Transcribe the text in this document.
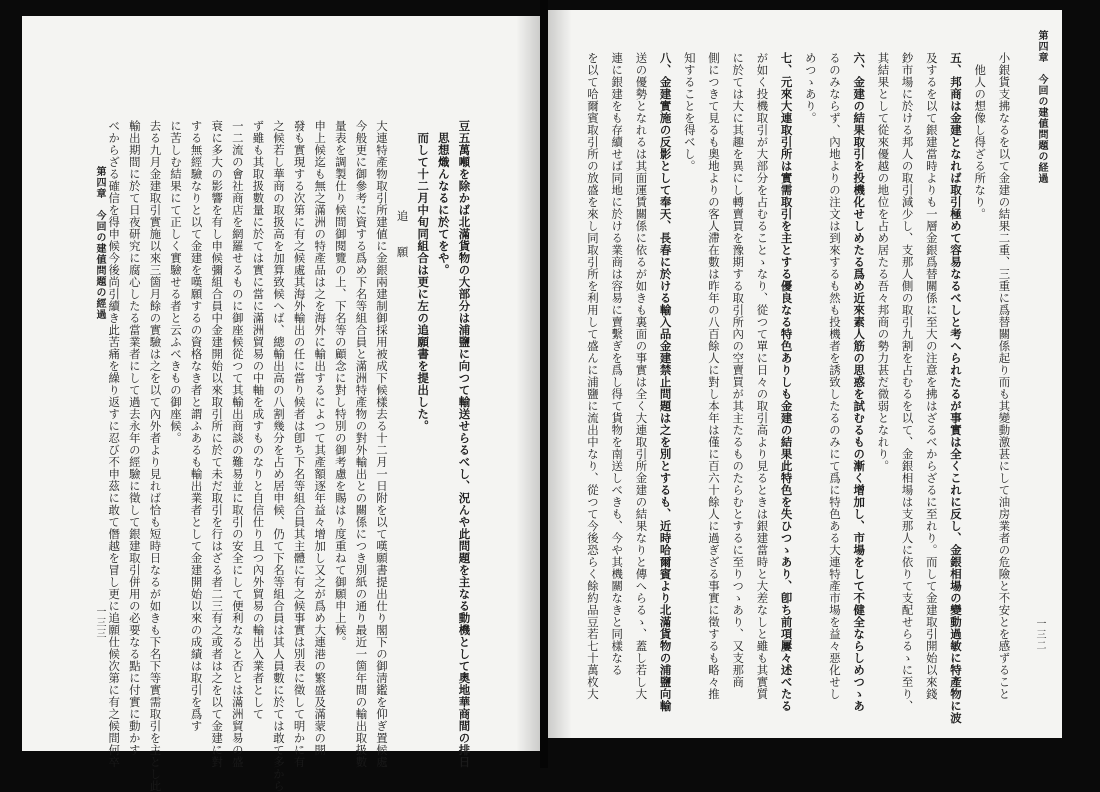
第四章　今回の建値問題の経過
一三二
小銀貨支拂なるを以て金建の結果二重、三重に爲替關係起り而も其變動激甚にして油房業者の危險と不安とを感ずること
他人の想像し得ざる所なり。
五、邦商は金建となれば取引極めて容易なるべしと考へられたるが事實は全くこれに反し、金銀相場の變動過敏に特產物に波
及するを以て銀建當時よりも一層金銀爲替關係に至大の注意を拂はざるべからざるに至れり。而して金建取引開始以來錢
鈔市場に於ける邦人の取引減少し、支那人側の取引九割を占むるを以て、金銀相場は支那人に依りて支配せらるゝに至り、
其結果として從來優越の地位を占め居たる吾々邦商の勢力甚だ微弱となれり。
六、金建の結果取引を投機化せしめたる爲め近來素人筋の思惑を試むるもの漸く增加し、市場をして不健全ならしめつゝあ
るのみならず、內地よりの注文は到來するも然も投機者を誘致したるのみにて爲に特色ある大連特產市場を益々惡化せし
めつゝあり。
七、元來大連取引所は實需取引を主とする優良なる特色ありしも金建の結果此特色を失ひつゝあり、卽ち前項屢々述べたる
が如く投機取引が大部分を占むることゝなり、從つて單に日々の取引高より見るときは銀建當時と大差なしと雖も其實質
に於ては大に其趣を異にし轉賣買を豫期する取引所內の空賣買が其主たるものたらむとするに至りつゝあり、又支那商
側につきて見るも奧地よりの客人滯在數は昨年の八百餘人に對し本年は僅に百六十餘人に過ぎざる事實に徵するも略々推
知することを得べし。
八、金建實施の反影として奉天、長春に於ける輸入品金建禁止問題は之を別とするも、近時哈爾賓より北滿貨物の浦鹽向輸
送の優勢となれるは其面運賃關係に依るが如きも裏面の事實は全く大連取引所金建の結果なりと傳へらるゝ、蓋し若し大
連に銀建をも存續せば同地に於ける業商は容易に賣繫ぎを爲し得て貨物を南送しべきも、今や其機關なきと同樣なる
を以て哈爾賓取引所の放盛を來し同取引所を利用して盛んに浦鹽に流出中なり、從つて今後恐らく餘約品豆若七十萬枚大
第四章　今回の建値問題の經過
一三三	豆五萬噸を除かば北滿貨物の大部分は浦鹽に向つて輸送せらるべし、況んや此問題を主なる動機として奧地華商間の排日
思想熾んなるに於てをや。
而して十二月中旬同組合は更に左の追願書を提出した。
追　　願
大連特產物取引所建値に金銀兩建制御採用被成下候樣去る十二月一日附を以て嘆願書提出仕り閣下の御淸鑑を仰ぎ置候處
今般更に御參考に資する爲め下名等組合員と滿洲特產物の對外輸出との關係につき別紙の通り最近一箇年間の輸出取扱數
量表を調製仕り候間御閱覽の上、下名等の顧念に對し特別の御考慮を賜はり度重ねて御願申上候。
申上候迄も無之滿洲の特產品は之を海外に輸出するによつて其產額逐年益々增加し又之が爲め大連港の繁盛及滿蒙の開
發も實現する次第に有之候處其海外輸出の任に當り候者は卽ち下名等組合員其主體に有之候事實は別表に徵して明かに有
之候若し華商の取扱高を加算致候へば、總輸出高の八割幾分を占め居申候、仍て下名等組合員は其人員數に於ては敢て多から
ず雖も其取扱數量に於ては實に當に滿洲貿易の中軸を成すものなりと自信仕り且つ內外貿易の輸出入業者として
一二流の會社商店を網羅せるものに御座候從つて其輸出商談の難易並に取引の安全にして便利なると否とは滿洲貿易の盛
衰に多大の影響を有し申候彌組合員中金建開始以來取引所に於て未だ取引を行はざる者二三有之或者は之を以て金建に對
する無經驗なりと以て金建を嘆願するの資格なき者と謂ふあるも輸出業者として金建開始以來の成績は取引を爲す
に苦しむ結果にて正しく實驗せる者と云ふべきもの御座候。
去る九月金建取引實施以來三箇月餘の實驗は之を以て內外者より見れば恰も短時日なるが如きも下名下等實需取引を主とし此
輸出期間に於て日夜研究に腐心したる當業者にして過去永年の經驗に徵して銀建取引併用の必要なる點に付實に動かす
べからざる確信を得申候今後尚引續き此苦痛を繰り返すに忍び不申茲に敢て僭越を冒し更に追願仕候次第に有之候間何卒
